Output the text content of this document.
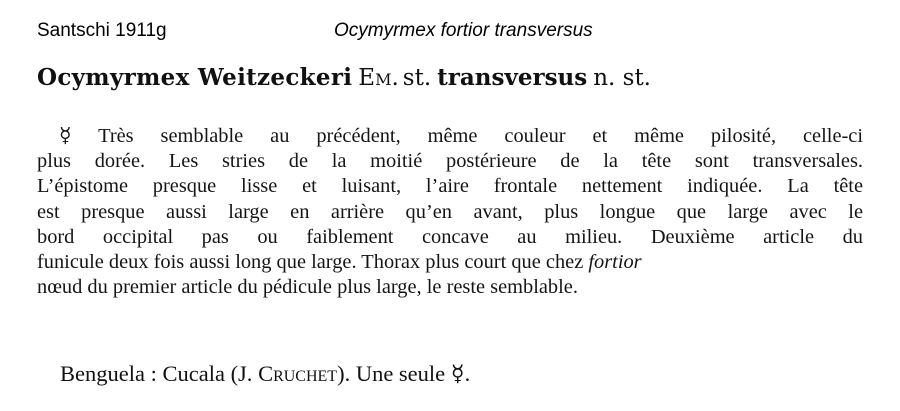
Santschi 1911g	Ocymyrmex fortior transversus
Ocymyrmex Weitzeckeri Em. st. transversus n. st.
☿ Très semblable au précédent, même couleur et même pilosité, celle-ci
plus dorée. Les stries de la moitié postérieure de la tête sont transversales.
L’épistome presque lisse et luisant, l’aire frontale nettement indiquée. La tête
est presque aussi large en arrière qu’en avant, plus longue que large avec le
bord occipital pas ou faiblement concave au milieu. Deuxième article du
funicule deux fois aussi long que large. Thorax plus court que chez fortior
nœud du premier article du pédicule plus large, le reste semblable.
Benguela : Cucala (J. Cruchet). Une seule ☿.
